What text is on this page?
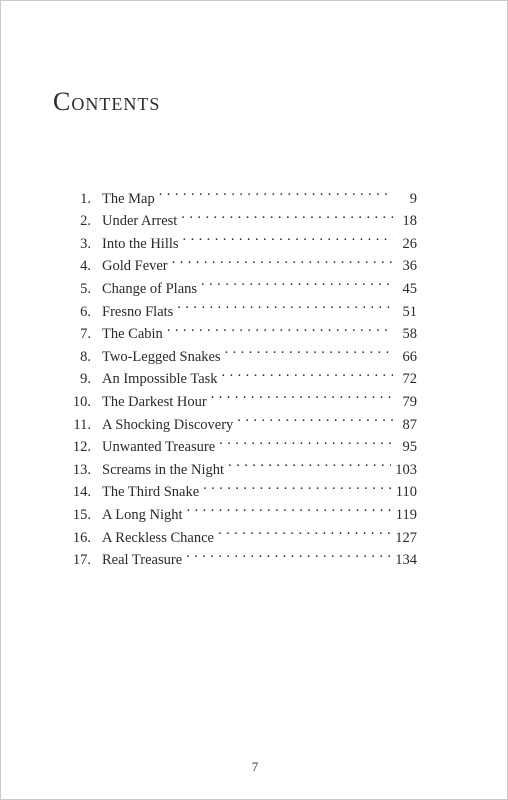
Contents
1. The Map . . .	9
2. Under Arrest . . .	18
3. Into the Hills . . .	26
4. Gold Fever . . .	36
5. Change of Plans . . .	45
6. Fresno Flats . . .	51
7. The Cabin . . .	58
8. Two-Legged Snakes . . .	66
9. An Impossible Task . . .	72
10. The Darkest Hour . . .	79
11. A Shocking Discovery . . .	87
12. Unwanted Treasure . . .	95
13. Screams in the Night . . .	103
14. The Third Snake . . .	110
15. A Long Night . . .	119
16. A Reckless Chance . . .	127
17. Real Treasure . . .	134
7
